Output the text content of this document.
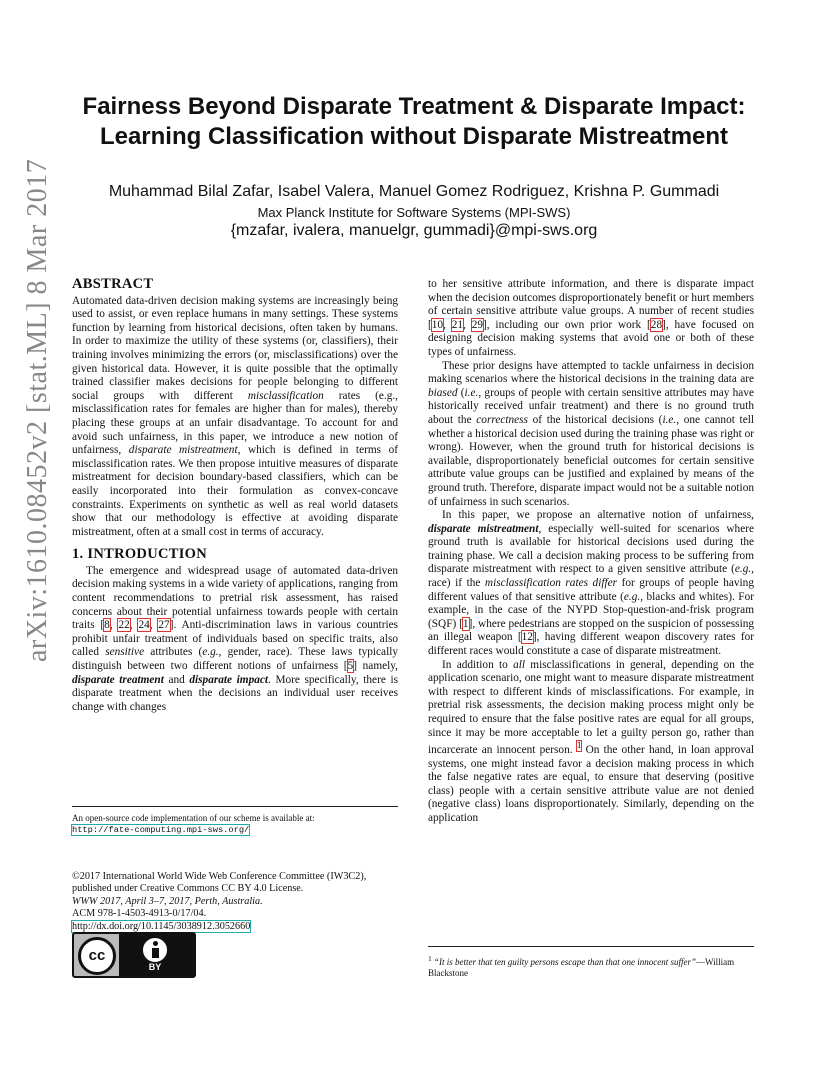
arXiv:1610.08452v2 [stat.ML] 8 Mar 2017
Fairness Beyond Disparate Treatment & Disparate Impact:
Learning Classification without Disparate Mistreatment
Muhammad Bilal Zafar, Isabel Valera, Manuel Gomez Rodriguez, Krishna P. Gummadi
Max Planck Institute for Software Systems (MPI-SWS)
{mzafar, ivalera, manuelgr, gummadi}@mpi-sws.org
ABSTRACT

Automated data-driven decision making systems are increasingly being used to assist, or even replace humans in many settings. These systems function by learning from historical decisions, often taken by humans. In order to maximize the utility of these systems (or, classifiers), their training involves minimizing the errors (or, misclassifications) over the given historical data. However, it is quite possible that the optimally trained classifier makes decisions for people belonging to different social groups with different misclassification rates (e.g., misclassification rates for females are higher than for males), thereby placing these groups at an unfair disadvantage. To account for and avoid such unfairness, in this paper, we introduce a new notion of unfairness, disparate mistreatment, which is defined in terms of misclassification rates. We then propose intuitive measures of disparate mistreatment for decision boundary-based classifiers, which can be easily incorporated into their formulation as convex-concave constraints. Experiments on synthetic as well as real world datasets show that our methodology is effective at avoiding disparate mistreatment, often at a small cost in terms of accuracy.

1. INTRODUCTION

The emergence and widespread usage of automated data-driven decision making systems in a wide variety of applications, ranging from content recommendations to pretrial risk assessment, has raised concerns about their potential unfairness towards people with certain traits [8, 22, 24, 27]. Anti-discrimination laws in various countries prohibit unfair treatment of individuals based on specific traits, also called sensitive attributes (e.g., gender, race). These laws typically distinguish between two different notions of unfairness [5] namely, disparate treatment and disparate impact. More specifically, there is disparate treatment when the decisions an individual user receives change with changes

An open-source code implementation of our scheme is available at:
http://fate-computing.mpi-sws.org/
©2017 International World Wide Web Conference Committee (IW3C2),
published under Creative Commons CC BY 4.0 License.
WWW 2017, April 3–7, 2017, Perth, Australia.
ACM 978-1-4503-4913-0/17/04.
http://dx.doi.org/10.1145/3038912.3052660
cc
BY	.

to her sensitive attribute information, and there is disparate impact when the decision outcomes disproportionately benefit or hurt members of certain sensitive attribute value groups. A number of recent studies [10, 21, 29], including our own prior work [28], have focused on designing decision making systems that avoid one or both of these types of unfairness.

These prior designs have attempted to tackle unfairness in decision making scenarios where the historical decisions in the training data are biased (i.e., groups of people with certain sensitive attributes may have historically received unfair treatment) and there is no ground truth about the correctness of the historical decisions (i.e., one cannot tell whether a historical decision used during the training phase was right or wrong). However, when the ground truth for historical decisions is available, disproportionately beneficial outcomes for certain sensitive attribute value groups can be justified and explained by means of the ground truth. Therefore, disparate impact would not be a suitable notion of unfairness in such scenarios.

In this paper, we propose an alternative notion of unfairness, disparate mistreatment, especially well-suited for scenarios where ground truth is available for historical decisions used during the training phase. We call a decision making process to be suffering from disparate mistreatment with respect to a given sensitive attribute (e.g., race) if the misclassification rates differ for groups of people having different values of that sensitive attribute (e.g., blacks and whites). For example, in the case of the NYPD Stop-question-and-frisk program (SQF) [1], where pedestrians are stopped on the suspicion of possessing an illegal weapon [12], having different weapon discovery rates for different races would constitute a case of disparate mistreatment.

In addition to all misclassifications in general, depending on the application scenario, one might want to measure disparate mistreatment with respect to different kinds of misclassifications. For example, in pretrial risk assessments, the decision making process might only be required to ensure that the false positive rates are equal for all groups, since it may be more acceptable to let a guilty person go, rather than incarcerate an innocent person. $^1$ On the other hand, in loan approval systems, one might instead favor a decision making process in which the false negative rates are equal, to ensure that deserving (positive class) people with a certain sensitive attribute value are not denied (negative class) loans disproportionately. Similarly, depending on the application

$^1$ “It is better that ten guilty persons escape than that one innocent suffer”—William Blackstone
